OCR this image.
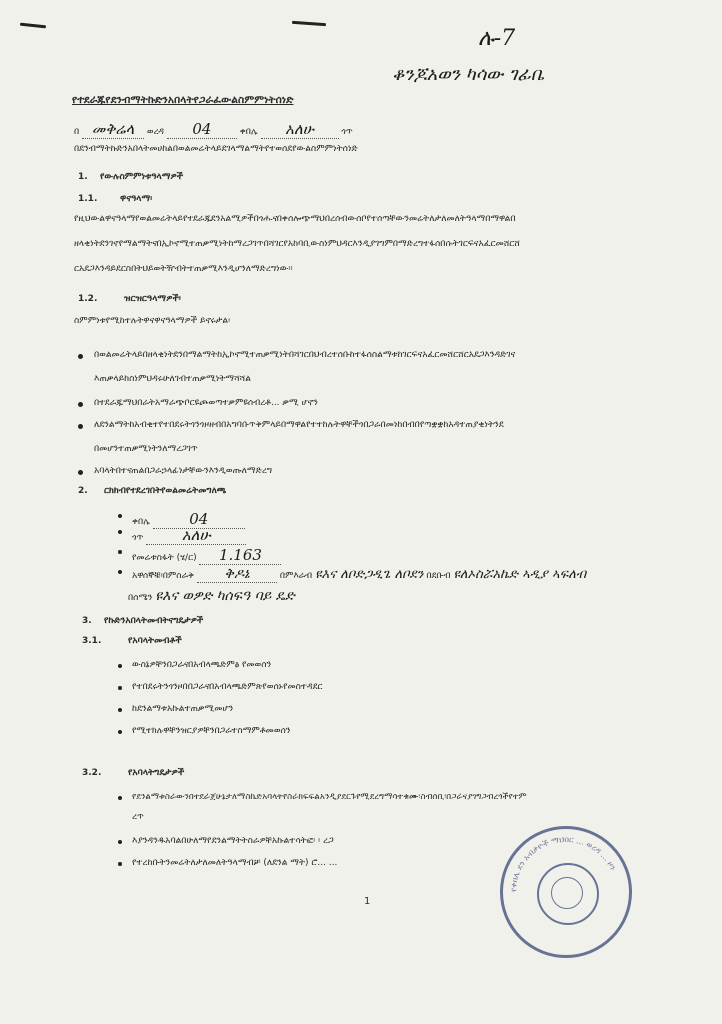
ሉ-7
ቆንጆአወን ካሳው ገፊቤ
የተደራጁየደንብማትኩድንአበላትየጋራፈውልስምምነትሰነድ
በ መቅሬላ ወረዳ 04	ቀበሌ አለሁ	ጎጥ
በደንብማትኩድንአበላትመሀከልበወልመሬትላይደገላማልማትየተወሰደየውልስምምነትሰነድ
1. የውሉስምምነቱዓላማዎች
1.1.	ዋናዓላማ፡
የዚህውልዋናዓላማየወልመሬትላይየተደራጁደንአልሚዎችበጎሑናበቀሰሎጭማህበረሰብውሰቦየተሰጣቸውንመሬትለታለመለትዓላማበማዋልበ
ዘላቂነትደንገኖየማልማትናበኢኮኖሚተጠቃሚነትከማረጋገጥበሻገርየአከባቢውስነምህዳርእንዲያገግምበማድረግተፋሰበሱትገርፍናአፈርመሸርሸ
ርአደጋእንዳይደርስበትህይወትዥብትተጠቃሚእንዲሆንለማድረግነው።
1.2.	ዝርዝርዓላማዎች፡
ስምምነቱየሚከተሉትዋናዋናዓላማዎች ይኖሩታል፡
በወልመሬትላይበዘላቂነትደንበማልማትከኢኮኖሚተጠቃሚነትበሻገርበህብረተሰቡከተፋሰስልማቱከገርፍናአፈርመሸርሸርአደጋእንዳድገና
እጠቃላይከስነምህዳሩሁለገብተጠቃሚነትማሻሻል
በተደራጁማህበራትአማራጭቦርዩጮወጣተቃምዩሰብረቶ... ቃሚ ሆኖን
ለደንልማትከአብቂተየተበደሩትጎንጎዞዘብበአግባቡጥቅምላይበማዋልየተተከሉትዋቸችጎበጋራበመነከበብበየጣቋቋከአዳተጠያቂነትንደ
በመሆንተጠቃሚነትንለማረጋገጥ
አባላትበተናጠልበጋራኃላፊነታቸውንእንዲወጡለማድረግ
2. ርክክብየተደረገበትየወልመሬትመግለጫ
ቀበሌ	04
ጎጥ	አለሁ
የመሬቱስፋት (ሄ/ር) 1.163
አዋሰኞቹ፡በምስራቅ ቅዶኔ	በምእራብ ዩእና ለቦድጋዲጌ ለቦደን በደቡብ ዩለኦስሯአኬድ ኣዲያ ኣፍለብ
በሰሜን ዩእና ወዎድ ካሰፍዓ ባይ ዴድ
3. የኩድንአበላትመብትናግዴታዎች
3.1.	የአባላትመብቶች
ውስኔዎቸንበጋራናበአብላጫድምፅ የመወሰን
የተበደሩትንጎንዞበበጋራናበአብላጫድምጽየወሰኑየመስተዳደር
ከደንልማቱአኩልተጠቃሚመሆን
የሚተክሉዋቸንዝርያዎቸንበጋራተስማምቶመወሰን
3.2.	የአባላትግዴታዎች
የደንልማቱስራውንበተደራጀሁኔታለማስኬድአባላትየስራክፍፍልአንዲያደርጉየሚደረግማሳተቁሙ፡ስብሰቢ፡በጋራናያገግጋብረጎችየተም
ረጥ
እያንዳንዱአባልበሁለማየደንልማትትስራዎቸአኩልተሳትፎ፡ ፡ ረጋ
የተረከቡትንመሬትለታለመለትዓላማብቻ (ለደንል ማት) ሮ... ...
1
የቀበሌ ደን አብቃዮች ማህበር ... ወረዳ ... ዞን
